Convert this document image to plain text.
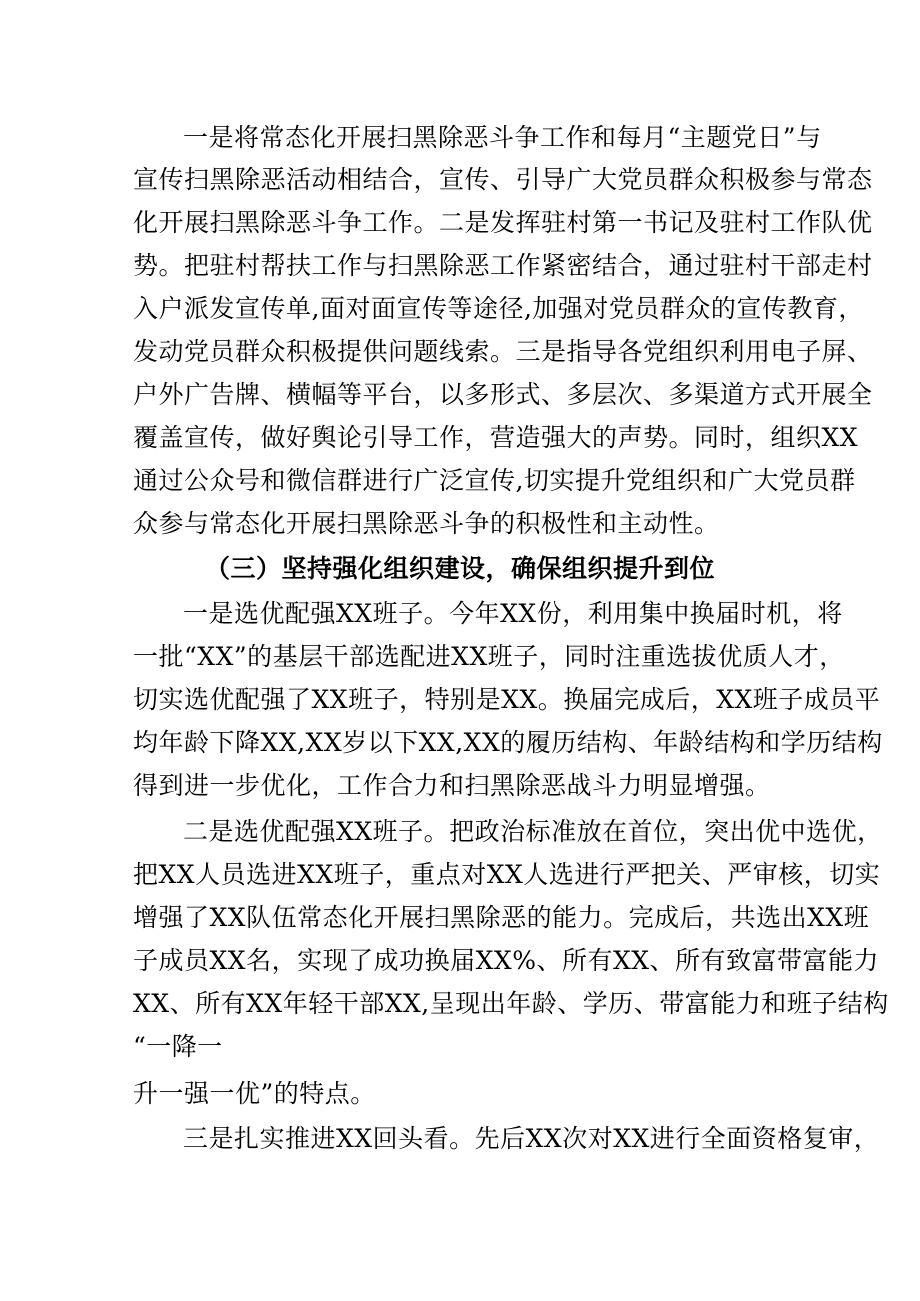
一是将常态化开展扫黑除恶斗争工作和每月“主题党日”与
宣传扫黑除恶活动相结合，宣传、引导广大党员群众积极参与常态
化开展扫黑除恶斗争工作。二是发挥驻村第一书记及驻村工作队优
势。把驻村帮扶工作与扫黑除恶工作紧密结合，通过驻村干部走村
入户派发宣传单,面对面宣传等途径,加强对党员群众的宣传教育，
发动党员群众积极提供问题线索。三是指导各党组织利用电子屏、
户外广告牌、横幅等平台，以多形式、多层次、多渠道方式开展全
覆盖宣传，做好舆论引导工作，营造强大的声势。同时，组织XX
通过公众号和微信群进行广泛宣传,切实提升党组织和广大党员群
众参与常态化开展扫黑除恶斗争的积极性和主动性。
（三）坚持强化组织建设，确保组织提升到位
一是选优配强XX班子。今年XX份，利用集中换届时机，将
一批“XX”的基层干部选配进XX班子，同时注重选拔优质人才，
切实选优配强了XX班子，特别是XX。换届完成后，XX班子成员平
均年龄下降XX,XX岁以下XX,XX的履历结构、年龄结构和学历结构
得到进一步优化，工作合力和扫黑除恶战斗力明显增强。
二是选优配强XX班子。把政治标准放在首位，突出优中选优，
把XX人员选进XX班子，重点对XX人选进行严把关、严审核，切实
增强了XX队伍常态化开展扫黑除恶的能力。完成后，共选出XX班
子成员XX名，实现了成功换届XX%、所有XX、所有致富带富能力
XX、所有XX年轻干部XX,呈现出年龄、学历、带富能力和班子结构
“一降一
升一强一优”的特点。
三是扎实推进XX回头看。先后XX次对XX进行全面资格复审，
